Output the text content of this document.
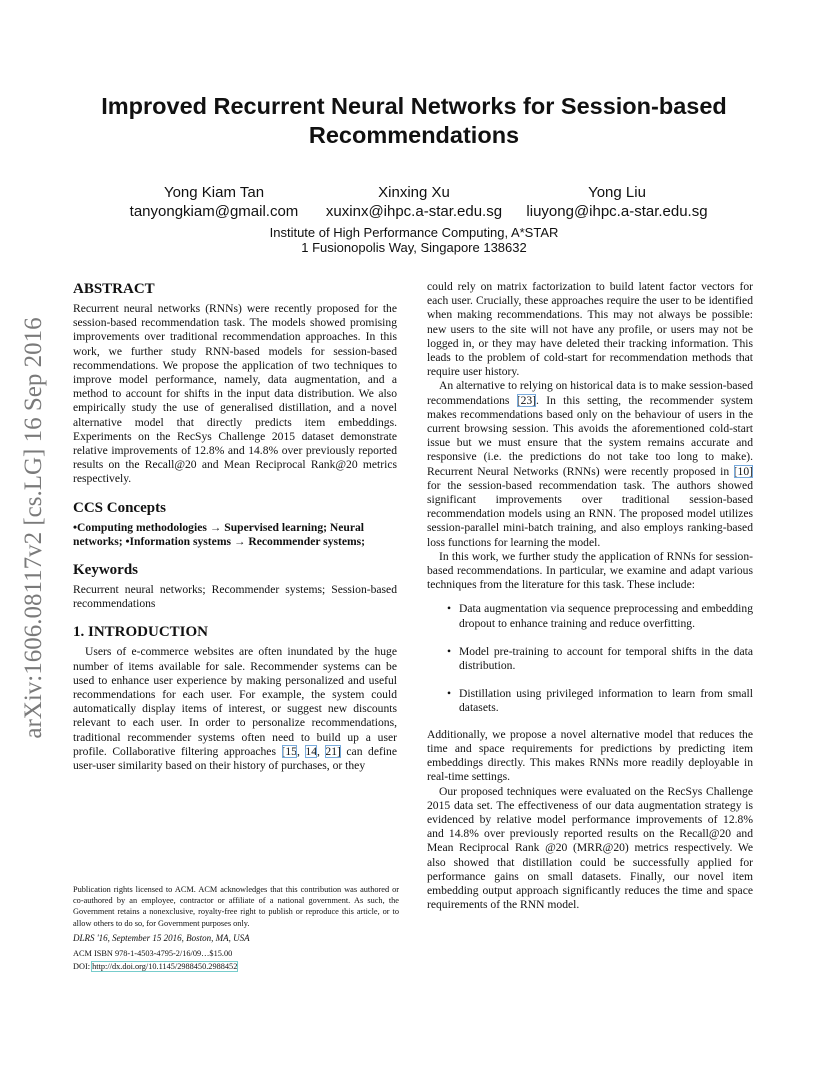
Improved Recurrent Neural Networks for Session-based
Recommendations
Yong Kiam Tan
tanyongkiam@gmail.com
Xinxing Xu
xuxinx@ihpc.a-star.edu.sg
Yong Liu
liuyong@ihpc.a-star.edu.sg
Institute of High Performance Computing, A*STAR
1 Fusionopolis Way, Singapore 138632
arXiv:1606.08117v2 [cs.LG] 16 Sep 2016
ABSTRACT

Recurrent neural networks (RNNs) were recently proposed for the session-based recommendation task. The models showed promising improvements over traditional recommendation approaches. In this work, we further study RNN-based models for session-based recommendations. We propose the application of two techniques to improve model performance, namely, data augmentation, and a method to account for shifts in the input data distribution. We also empirically study the use of generalised distillation, and a novel alternative model that directly predicts item embeddings. Experiments on the RecSys Challenge 2015 dataset demonstrate relative improvements of 12.8% and 14.8% over previously reported results on the Recall@20 and Mean Reciprocal Rank@20 metrics respectively.

CCS Concepts

•Computing methodologies → Supervised learning; Neural networks; •Information systems → Recommender systems;

Keywords

Recurrent neural networks; Recommender systems; Session-based recommendations

1. INTRODUCTION

Users of e-commerce websites are often inundated by the huge number of items available for sale. Recommender systems can be used to enhance user experience by making personalized and useful recommendations for each user. For example, the system could automatically display items of interest, or suggest new discounts relevant to each user. In order to personalize recommendations, traditional recommender systems often need to build up a user profile. Collaborative filtering approaches [15, 14, 21] can define user-user similarity based on their history of purchases, or they

Publication rights licensed to ACM. ACM acknowledges that this contribution was authored or co-authored by an employee, contractor or affiliate of a national government. As such, the Government retains a nonexclusive, royalty-free right to publish or reproduce this article, or to allow others to do so, for Government purposes only.

DLRS '16, September 15 2016, Boston, MA, USA

ACM ISBN 978-1-4503-4795-2/16/09…$15.00

DOI: http://dx.doi.org/10.1145/2988450.2988452

could rely on matrix factorization to build latent factor vectors for each user. Crucially, these approaches require the user to be identified when making recommendations. This may not always be possible: new users to the site will not have any profile, or users may not be logged in, or they may have deleted their tracking information. This leads to the problem of cold-start for recommendation methods that require user history.

An alternative to relying on historical data is to make session-based recommendations [23]. In this setting, the recommender system makes recommendations based only on the behaviour of users in the current browsing session. This avoids the aforementioned cold-start issue but we must ensure that the system remains accurate and responsive (i.e. the predictions do not take too long to make). Recurrent Neural Networks (RNNs) were recently proposed in [10] for the session-based recommendation task. The authors showed significant improvements over traditional session-based recommendation models using an RNN. The proposed model utilizes session-parallel mini-batch training, and also employs ranking-based loss functions for learning the model.

In this work, we further study the application of RNNs for session-based recommendations. In particular, we examine and adapt various techniques from the literature for this task. These include:

• Data augmentation via sequence preprocessing and embedding dropout to enhance training and reduce overfitting.
• Model pre-training to account for temporal shifts in the data distribution.
• Distillation using privileged information to learn from small datasets.

Additionally, we propose a novel alternative model that reduces the time and space requirements for predictions by predicting item embeddings directly. This makes RNNs more readily deployable in real-time settings.

Our proposed techniques were evaluated on the RecSys Challenge 2015 data set. The effectiveness of our data augmentation strategy is evidenced by relative model performance improvements of 12.8% and 14.8% over previously reported results on the Recall@20 and Mean Reciprocal Rank @20 (MRR@20) metrics respectively. We also showed that distillation could be successfully applied for performance gains on small datasets. Finally, our novel item embedding output approach significantly reduces the time and space requirements of the RNN model.
